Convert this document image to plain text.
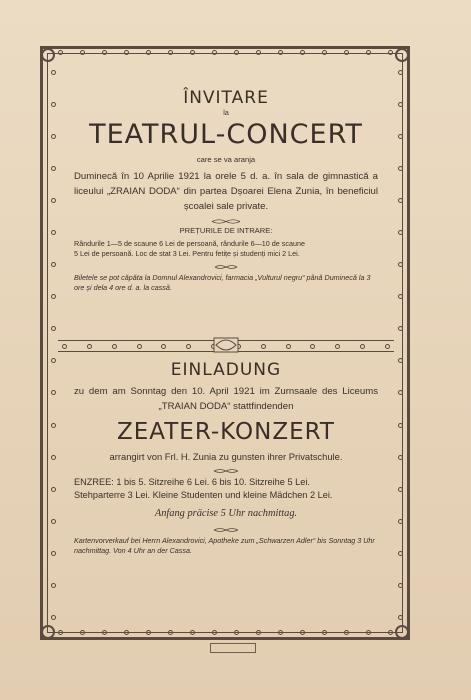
ÎNVITARE
la
TEATRUL-CONCERT
care se va aranja
Duminecă în 10 Aprilie 1921 la orele 5 d. a. în sala de gimnastică a liceului „ZRAIAN DODA“ din partea Dșoarei Elena Zunia, în beneficiul școalei sale private.
PREȚURILE DE INTRARE:
Rândurile 1—5 de scaune 6 Lei de persoană, rândurile 6—10 de scaune
5 Lei de persoană. Loc de stat 3 Lei. Pentru fetițe și studenți mici 2 Lei.
Biletele se pot căpăta la Domnul Alexandrovici, farmacia „Vulturul negru“ până Duminecă la 3 ore și dela 4 ore d. a. la cassă.
EINLADUNG
zu dem am Sonntag den 10. April 1921 im Zurnsaale des Liceums „TRAIAN DODA“ stattfindenden
ZEATER-KONZERT
arrangirt von Frl. H. Zunia zu gunsten ihrer Privatschule.
ENZREE: 1 bis 5. Sitzreihe 6 Lei. 6 bis 10. Sitzreihe 5 Lei.
Stehparterre 3 Lei. Kleine Studenten und kleine Mädchen 2 Lei.
Anfang präcise 5 Uhr nachmittag.
Kartenvorverkauf bei Herrn Alexandrovici, Apotheke zum „Schwarzen Adler“ bis Sonntag 3 Uhr nachmittag. Von 4 Uhr an der Cassa.
